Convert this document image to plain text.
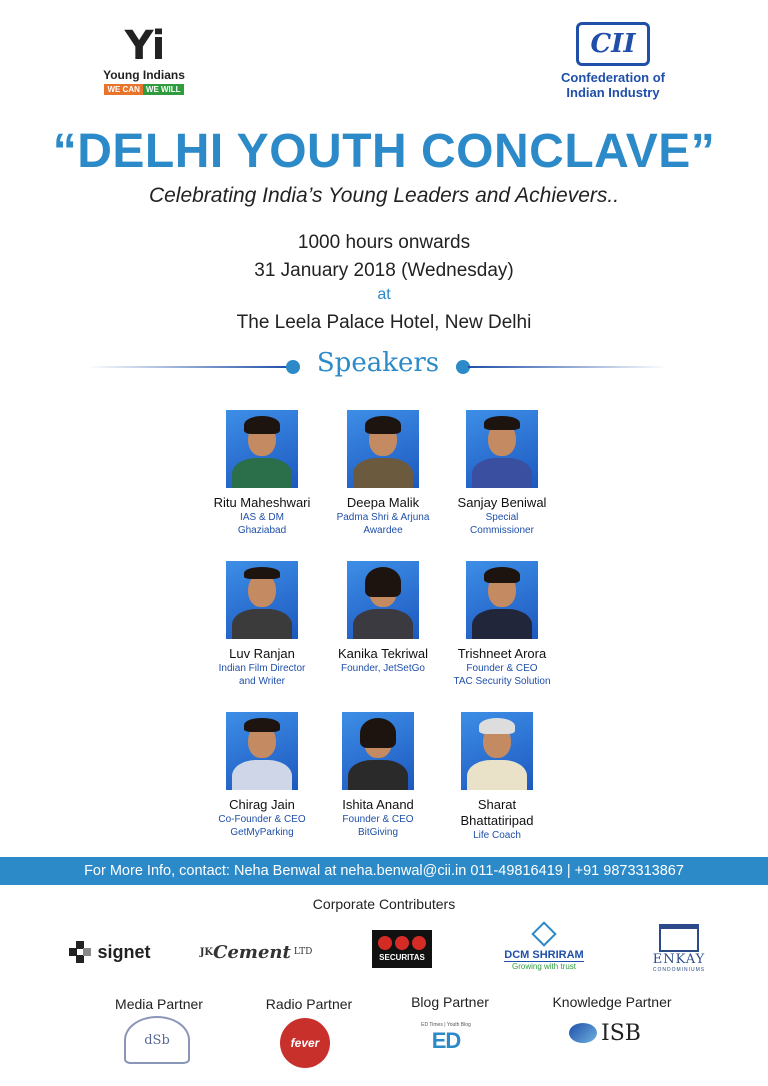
Yi
Young Indians
WE CAN WE WILL
CII
Confederation of
Indian Industry
“DELHI YOUTH CONCLAVE”
Celebrating India’s Young Leaders and Achievers..
1000 hours onwards
31 January 2018 (Wednesday)
at
The Leela Palace Hotel, New Delhi
Speakers
Ritu Maheshwari
IAS & DM
Ghaziabad
Deepa Malik
Padma Shri & Arjuna
Awardee
Sanjay Beniwal
Special
Commissioner
Luv Ranjan
Indian Film Director
and Writer
Kanika Tekriwal
Founder, JetSetGo
Trishneet Arora
Founder & CEO
TAC Security Solution
Chirag Jain
Co-Founder & CEO
GetMyParking
Ishita Anand
Founder & CEO
BitGiving
Sharat
Bhattatiripad
Life Coach
For More Info, contact: Neha Benwal at neha.benwal@cii.in 011-49816419 | +91 9873313867
Corporate Contributers
signet	JK Cement LTD
SECURITAS	DCM SHRIRAM
Growing with trust	ENKAY
CONDOMINIUMS
Media Partner	Radio Partner	Blog Partner	Knowledge Partner
dSb	fever
ED Times | Youth Blog
ED	ISB
